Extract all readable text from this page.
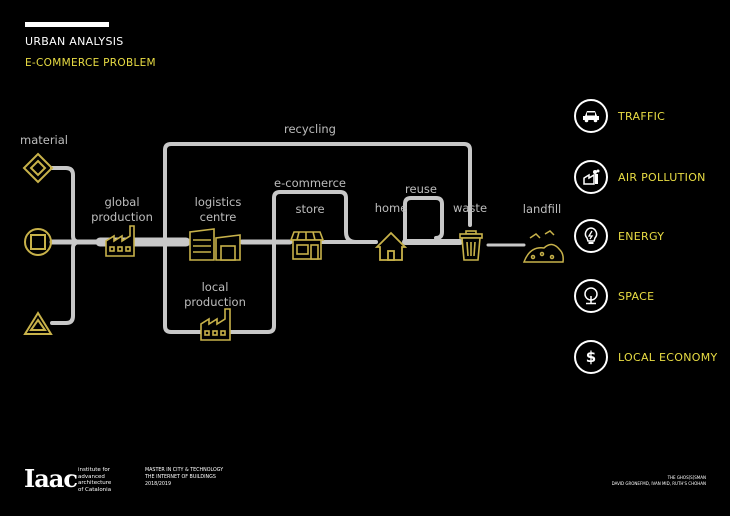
URBAN ANALYSIS
E-COMMERCE PROBLEM
material
global
production
logistics
centre
local
production
recycling
e-commerce
store	home
reuse
waste	landfill
TRAFFIC
AIR POLLUTION
ENERGY
SPACE
$	LOCAL ECONOMY
Iaac institute for
advanced
architecture
of Catalonia
MASTER IN CITY & TECHNOLOGY
THE INTERNET OF BUILDINGS
2018/2019
THE GHOS[S]SMAN
DAVID GRONEFMD, IVAN MID, RUTH'S CHOHAN
